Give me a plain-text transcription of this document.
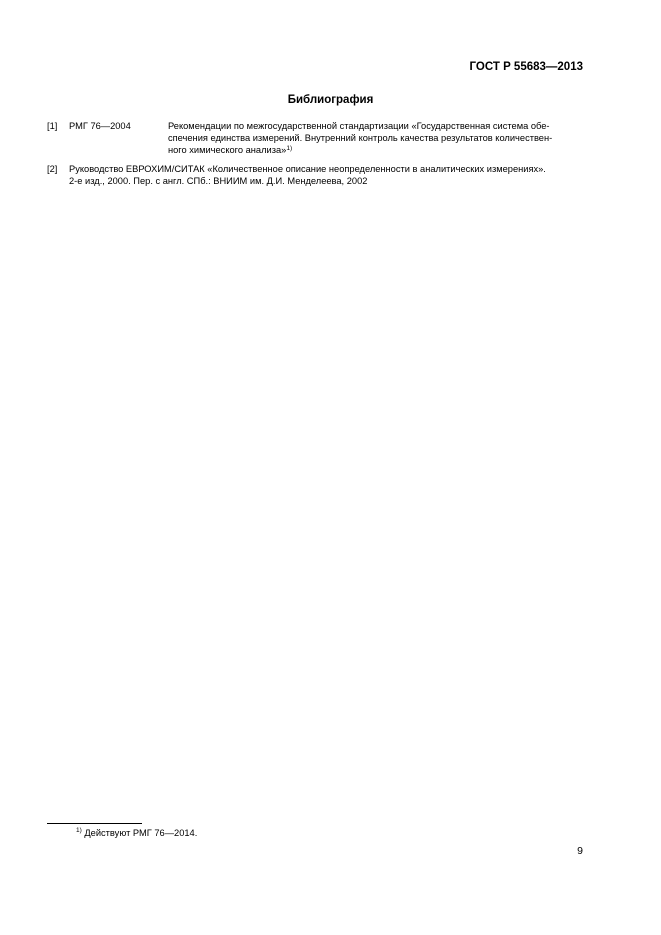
ГОСТ Р 55683—2013
Библиография
[1] РМГ 76—2004	Рекомендации по межгосударственной стандартизации «Государственная система обе-
спечения единства измерений. Внутренний контроль качества результатов количествен-
ного химического анализа»$^{1)}$
[2] Руководство ЕВРОХИМ/СИТАК «Количественное описание неопределенности в аналитических измерениях».
2-е изд., 2000. Пер. с англ. СПб.: ВНИИМ им. Д.И. Менделеева, 2002
$^{1)}$ Действуют РМГ 76—2014.
9
